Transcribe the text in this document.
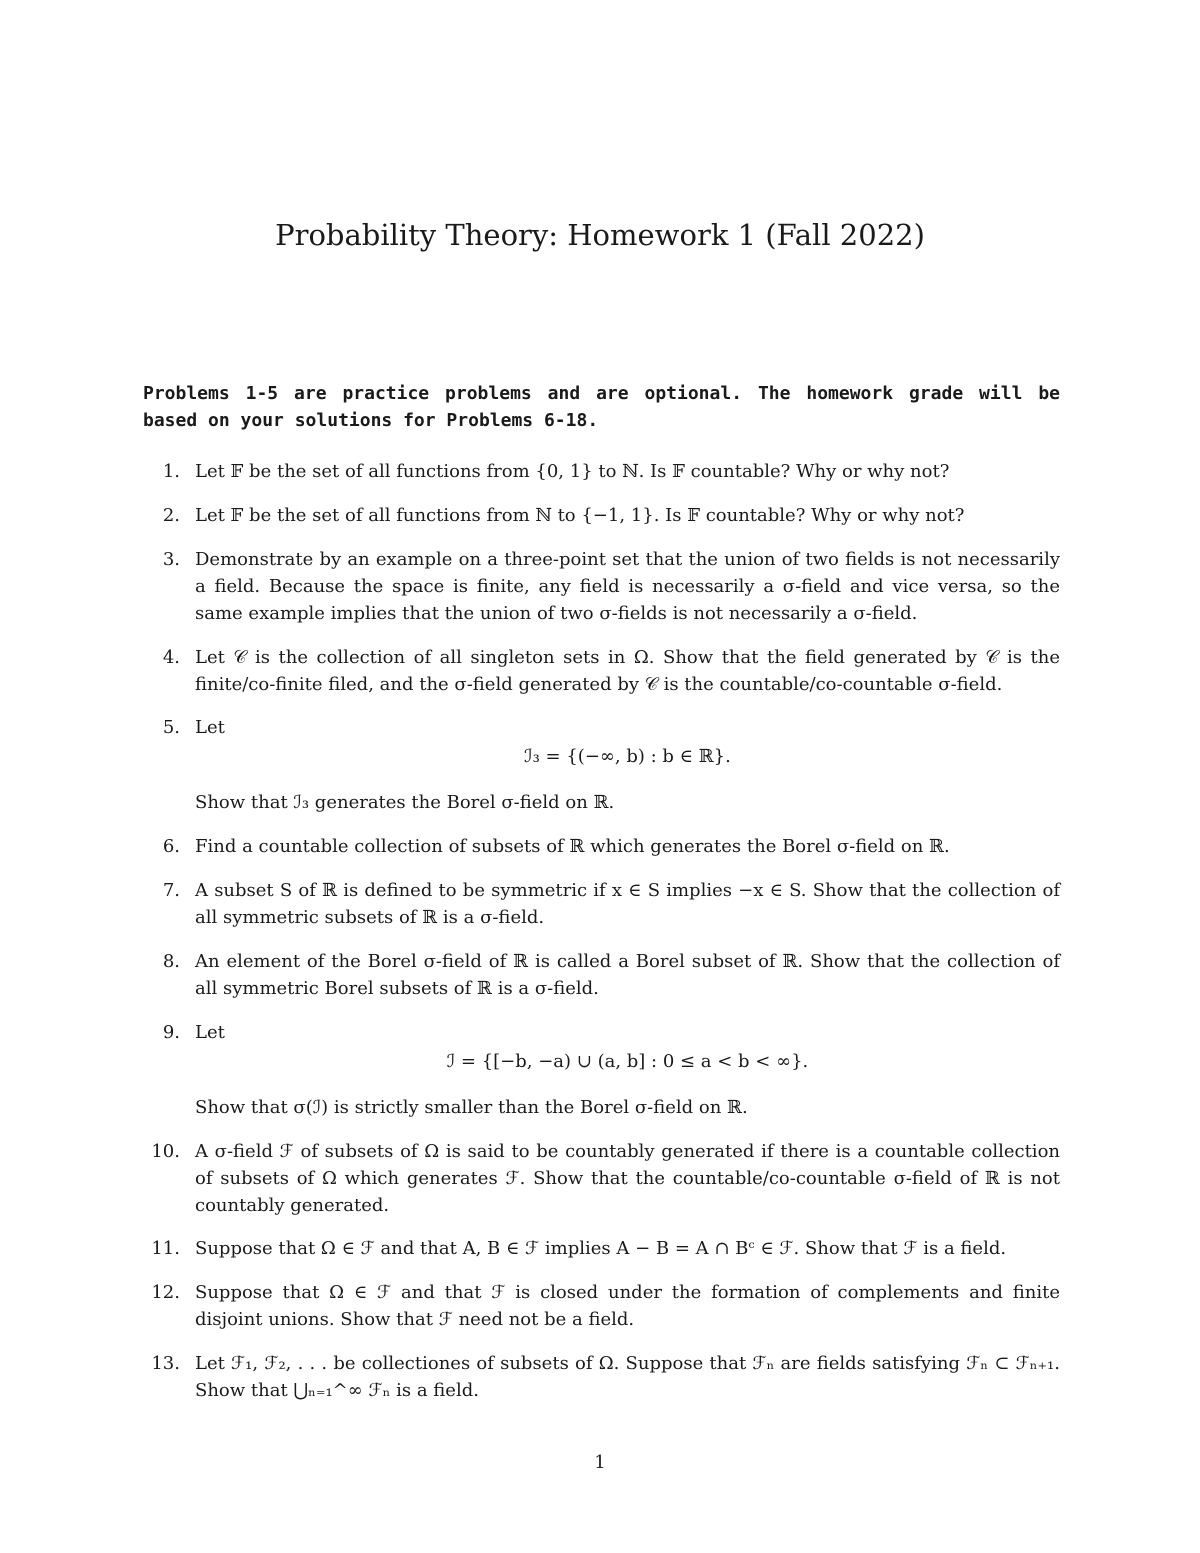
Probability Theory: Homework 1 (Fall 2022)

Problems 1-5 are practice problems and are optional. The homework grade will be based on your solutions for Problems 6-18.

1. Let 𝔽 be the set of all functions from {0, 1} to ℕ. Is 𝔽 countable? Why or why not?
2. Let 𝔽 be the set of all functions from ℕ to {−1, 1}. Is 𝔽 countable? Why or why not?
3. Demonstrate by an example on a three-point set that the union of two fields is not necessarily a field. Because the space is finite, any field is necessarily a σ-field and vice versa, so the same example implies that the union of two σ-fields is not necessarily a σ-field.
4. Let 𝒞 is the collection of all singleton sets in Ω. Show that the field generated by 𝒞 is the finite/co-finite filed, and the σ-field generated by 𝒞 is the countable/co-countable σ-field.
5. Let
ℐ₃ = {(−∞, b) : b ∈ ℝ}.
Show that ℐ₃ generates the Borel σ-field on ℝ.
6. Find a countable collection of subsets of ℝ which generates the Borel σ-field on ℝ.
7. A subset S of ℝ is defined to be symmetric if x ∈ S implies −x ∈ S. Show that the collection of all symmetric subsets of ℝ is a σ-field.
8. An element of the Borel σ-field of ℝ is called a Borel subset of ℝ. Show that the collection of all symmetric Borel subsets of ℝ is a σ-field.
9. Let
ℐ = {[−b, −a) ∪ (a, b] : 0 ≤ a < b < ∞}.
Show that σ(ℐ) is strictly smaller than the Borel σ-field on ℝ.
10. A σ-field ℱ of subsets of Ω is said to be countably generated if there is a countable collection of subsets of Ω which generates ℱ. Show that the countable/co-countable σ-field of ℝ is not countably generated.
11. Suppose that Ω ∈ ℱ and that A, B ∈ ℱ implies A − B = A ∩ Bᶜ ∈ ℱ. Show that ℱ is a field.
12. Suppose that Ω ∈ ℱ and that ℱ is closed under the formation of complements and finite disjoint unions. Show that ℱ need not be a field.
13. Let ℱ₁, ℱ₂, . . . be collectiones of subsets of Ω. Suppose that ℱₙ are fields satisfying ℱₙ ⊂ ℱₙ₊₁. Show that ⋃ₙ₌₁^∞ ℱₙ is a field.
1
